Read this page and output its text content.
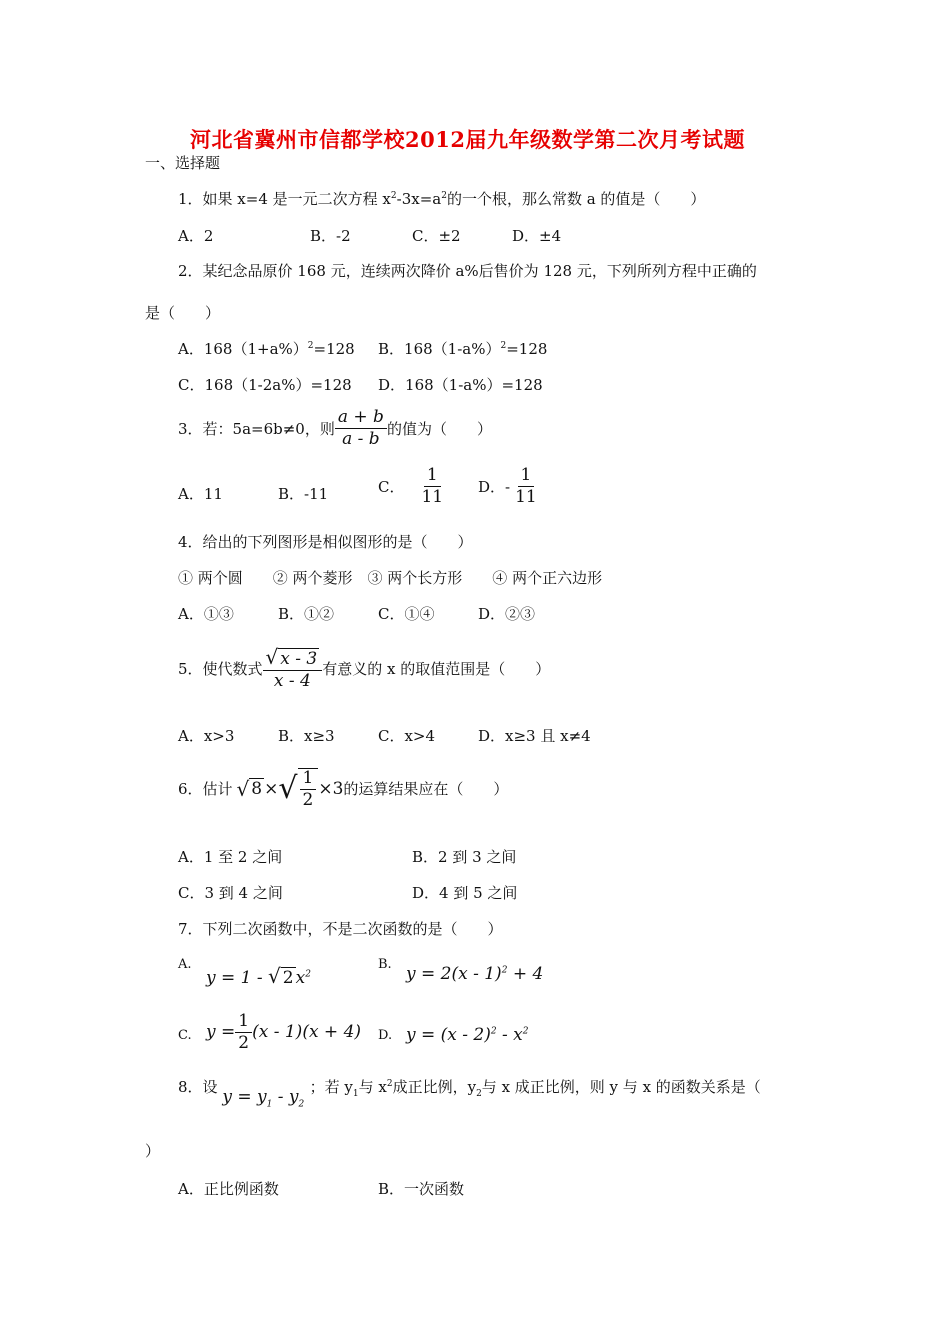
河北省冀州市信都学校2012届九年级数学第二次月考试题
一、选择题
1．如果 x=4 是一元二次方程 $x^2-3x=a^2$的一个根，那么常数 a 的值是（　　）
A．2	B．-2	C．±2	D．±4
2．某纪念品原价 168 元，连续两次降价 a%后售价为 128 元，下列所列方程中正确的
是（　　）
A．$168(1+a\%)^2=128$ B．$168(1-a\%)^2=128$
C．168（1-2a%）=128 D．168（1-a%）=128
3．若：5a=6b≠0，则 $\frac{a + b}{a - b}$ 的值为（　　）
A．11	B．-11	C． $\frac{1}{11}$ D．- $\frac{1}{11}$
4．给出的下列图形是相似图形的是（　　）
① 两个圆　　② 两个菱形　③ 两个长方形　　④ 两个正六边形
A．①③	B．①②	C．①④	D．②③
5．使代数式 $\frac{√ x - 3}{x - 4}$ 有意义的 x 的取值范围是（　　）
A．x>3	B．x≥3	C．x>4	D．x≥3 且 x≠4
6．估计 √ 8 × √ $\frac{1}{2} \times 3$ 的运算结果应在（　　）
A．1 至 2 之间	B．2 到 3 之间
C．3 到 4 之间	D．4 到 5 之间
7．下列二次函数中，不是二次函数的是（　　）
A.
y = 1 - √ 2 $x^2$
B. y = 2(x - 1)$^2$ + 4
C. $y = \frac{1}{2} (x - 1)(x + 4)$ D. $y = (x - 2)^2 - x^2$
8．设 $y = y_1 - y_2$ ；若 $y_1$与 $x^2$成正比例，$y_2$与 x 成正比例，则 y 与 x 的函数关系是（
）
A．正比例函数	B．一次函数
